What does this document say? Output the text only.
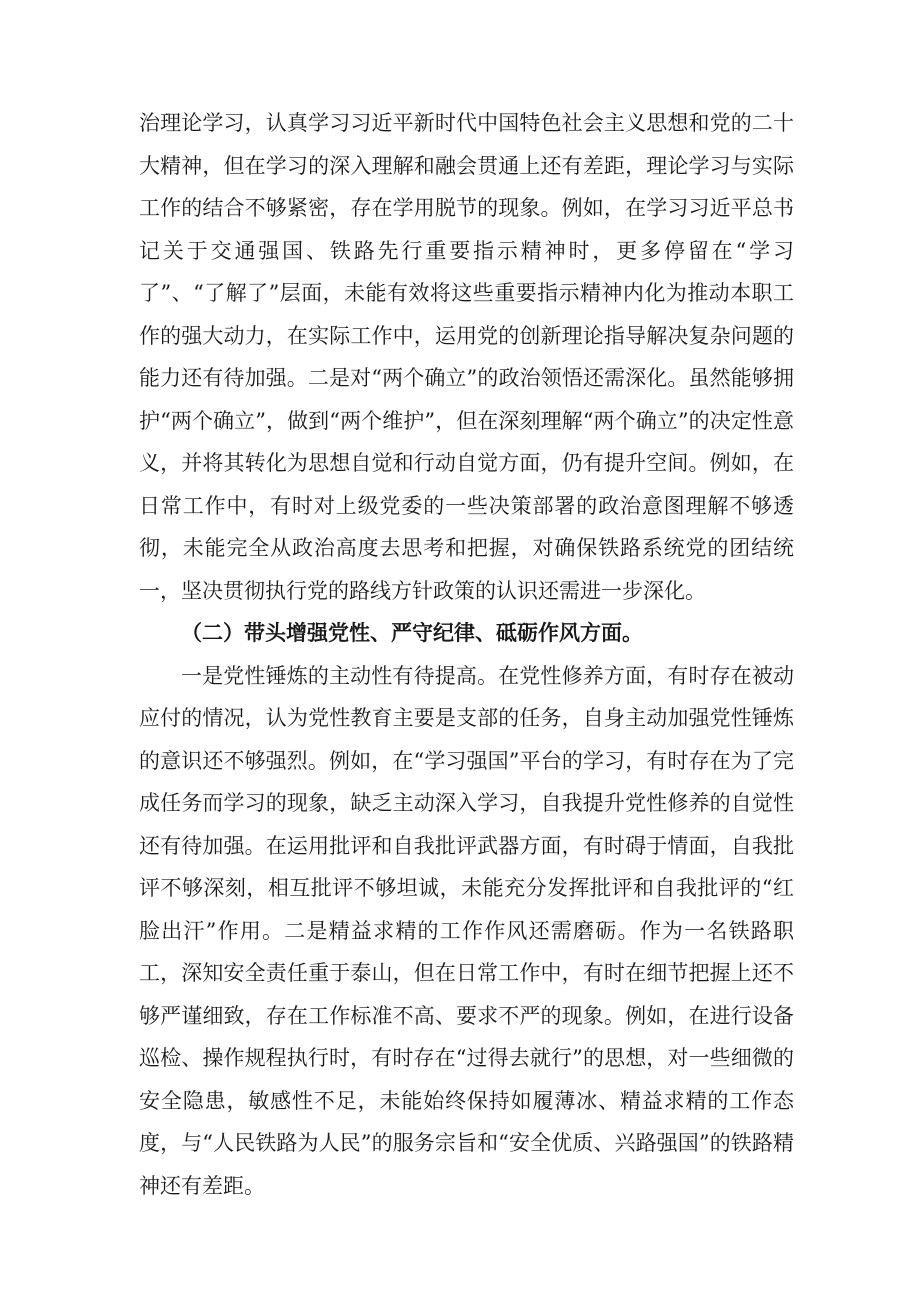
治理论学习，认真学习习近平新时代中国特色社会主义思想和党的二十大精神，但在学习的深入理解和融会贯通上还有差距，理论学习与实际工作的结合不够紧密，存在学用脱节的现象。例如，在学习习近平总书记关于交通强国、铁路先行重要指示精神时，更多停留在“学习了”、“了解了”层面，未能有效将这些重要指示精神内化为推动本职工作的强大动力，在实际工作中，运用党的创新理论指导解决复杂问题的能力还有待加强。二是对“两个确立”的政治领悟还需深化。虽然能够拥护“两个确立”，做到“两个维护”，但在深刻理解“两个确立”的决定性意义，并将其转化为思想自觉和行动自觉方面，仍有提升空间。例如，在日常工作中，有时对上级党委的一些决策部署的政治意图理解不够透彻，未能完全从政治高度去思考和把握，对确保铁路系统党的团结统一，坚决贯彻执行党的路线方针政策的认识还需进一步深化。

（二）带头增强党性、严守纪律、砥砺作风方面。

一是党性锤炼的主动性有待提高。在党性修养方面，有时存在被动应付的情况，认为党性教育主要是支部的任务，自身主动加强党性锤炼的意识还不够强烈。例如，在“学习强国”平台的学习，有时存在为了完成任务而学习的现象，缺乏主动深入学习，自我提升党性修养的自觉性还有待加强。在运用批评和自我批评武器方面，有时碍于情面，自我批评不够深刻，相互批评不够坦诚，未能充分发挥批评和自我批评的“红脸出汗”作用。二是精益求精的工作作风还需磨砺。作为一名铁路职工，深知安全责任重于泰山，但在日常工作中，有时在细节把握上还不够严谨细致，存在工作标准不高、要求不严的现象。例如，在进行设备巡检、操作规程执行时，有时存在“过得去就行”的思想，对一些细微的安全隐患，敏感性不足，未能始终保持如履薄冰、精益求精的工作态度，与“人民铁路为人民”的服务宗旨和“安全优质、兴路强国”的铁路精神还有差距。
